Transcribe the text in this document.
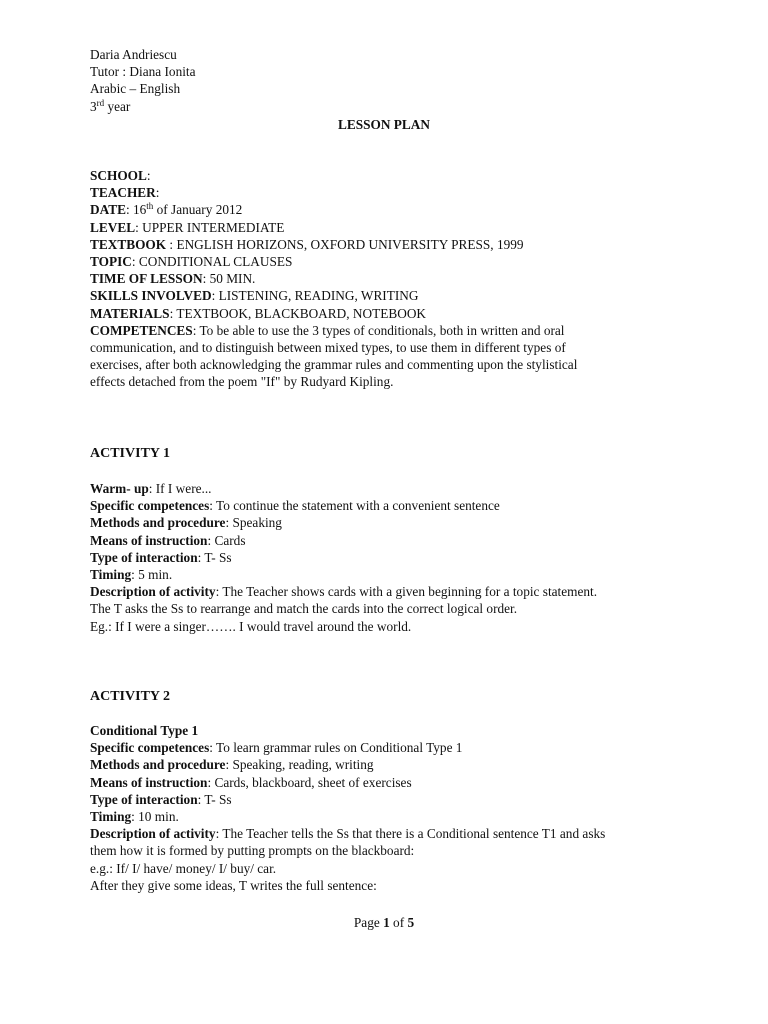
Daria Andriescu
Tutor : Diana Ionita
Arabic – English
3rd year
LESSON PLAN
SCHOOL:
TEACHER:
DATE: 16th of January 2012
LEVEL: UPPER INTERMEDIATE
TEXTBOOK : ENGLISH HORIZONS, OXFORD UNIVERSITY PRESS, 1999
TOPIC: CONDITIONAL CLAUSES
TIME OF LESSON: 50 MIN.
SKILLS INVOLVED: LISTENING, READING, WRITING
MATERIALS: TEXTBOOK, BLACKBOARD, NOTEBOOK
COMPETENCES: To be able to use the 3 types of conditionals, both in written and oral
communication, and to distinguish between mixed types, to use them in different types of
exercises, after both acknowledging the grammar rules and commenting upon the stylistical
effects detached from the poem "If" by Rudyard Kipling.
ACTIVITY 1
Warm- up: If I were...
Specific competences: To continue the statement with a convenient sentence
Methods and procedure: Speaking
Means of instruction: Cards
Type of interaction: T- Ss
Timing: 5 min.
Description of activity: The Teacher shows cards with a given beginning for a topic statement.
The T asks the Ss to rearrange and match the cards into the correct logical order.
Eg.: If I were a singer……. I would travel around the world.
ACTIVITY 2
Conditional Type 1
Specific competences: To learn grammar rules on Conditional Type 1
Methods and procedure: Speaking, reading, writing
Means of instruction: Cards, blackboard, sheet of exercises
Type of interaction: T- Ss
Timing: 10 min.
Description of activity: The Teacher tells the Ss that there is a Conditional sentence T1 and asks
them how it is formed by putting prompts on the blackboard:
e.g.: If/ I/ have/ money/ I/ buy/ car.
After they give some ideas, T writes the full sentence:
Page 1 of 5
